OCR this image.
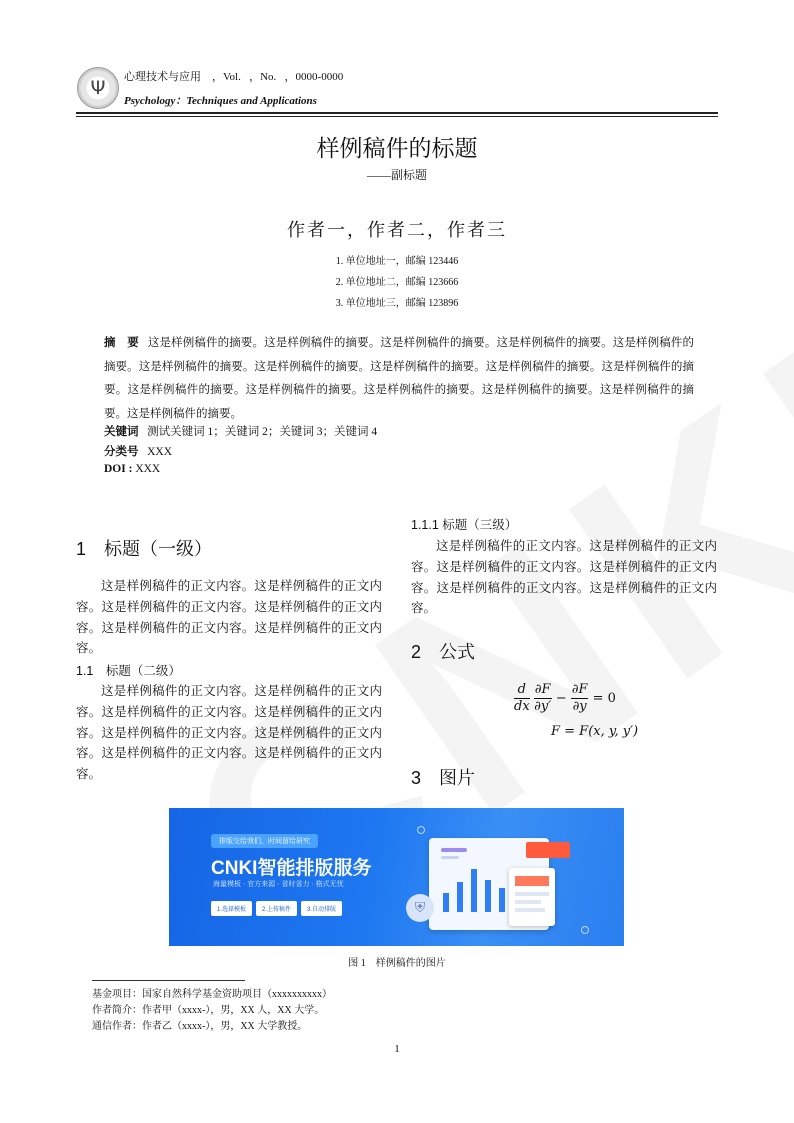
Ψ	心理技术与应用    ，Vol.   ，No.   ，0000-0000
Psychology：Techniques and Applications
样例稿件的标题
——副标题
作者一，作者二，作者三
1. 单位地址一，邮编 123446
2. 单位地址二，邮编 123666
3. 单位地址三，邮编 123896
摘　要 这是样例稿件的摘要。这是样例稿件的摘要。这是样例稿件的摘要。这是样例稿件的摘要。这是样例稿件的摘要。这是样例稿件的摘要。这是样例稿件的摘要。这是样例稿件的摘要。这是样例稿件的摘要。这是样例稿件的摘要。这是样例稿件的摘要。这是样例稿件的摘要。这是样例稿件的摘要。这是样例稿件的摘要。这是样例稿件的摘要。这是样例稿件的摘要。
关键词 测试关键词 1；关键词 2；关键词 3；关键词 4
分类号 XXX
DOI : XXX
1　标题（一级）

这是样例稿件的正文内容。这是样例稿件的正文内容。这是样例稿件的正文内容。这是样例稿件的正文内容。这是样例稿件的正文内容。这是样例稿件的正文内容。

1.1　标题（二级）

这是样例稿件的正文内容。这是样例稿件的正文内容。这是样例稿件的正文内容。这是样例稿件的正文内容。这是样例稿件的正文内容。这是样例稿件的正文内容。这是样例稿件的正文内容。这是样例稿件的正文内容。

1.1.1 标题（三级）

这是样例稿件的正文内容。这是样例稿件的正文内容。这是样例稿件的正文内容。这是样例稿件的正文内容。这是样例稿件的正文内容。这是样例稿件的正文内容。

2　公式
$\frac{d}{dx}$
$\frac{\partial F}{\partial y'} - \frac{\partial F}{\partial y} = 0$
F = F(x, y, y′)
3　图片
排版交给我们，时间留给研究
CNKI智能排版服务
海量模板 · 官方来源 · 省时省力 · 格式无忧
1.选择模板	2.上传稿件	3.自动排版	⛨
图 1　样例稿件的图片
基金项目：国家自然科学基金资助项目（xxxxxxxxxx）
作者简介：作者甲（xxxx-），男，XX 人，XX 大学。
通信作者：作者乙（xxxx-），男，XX 大学教授。
1
